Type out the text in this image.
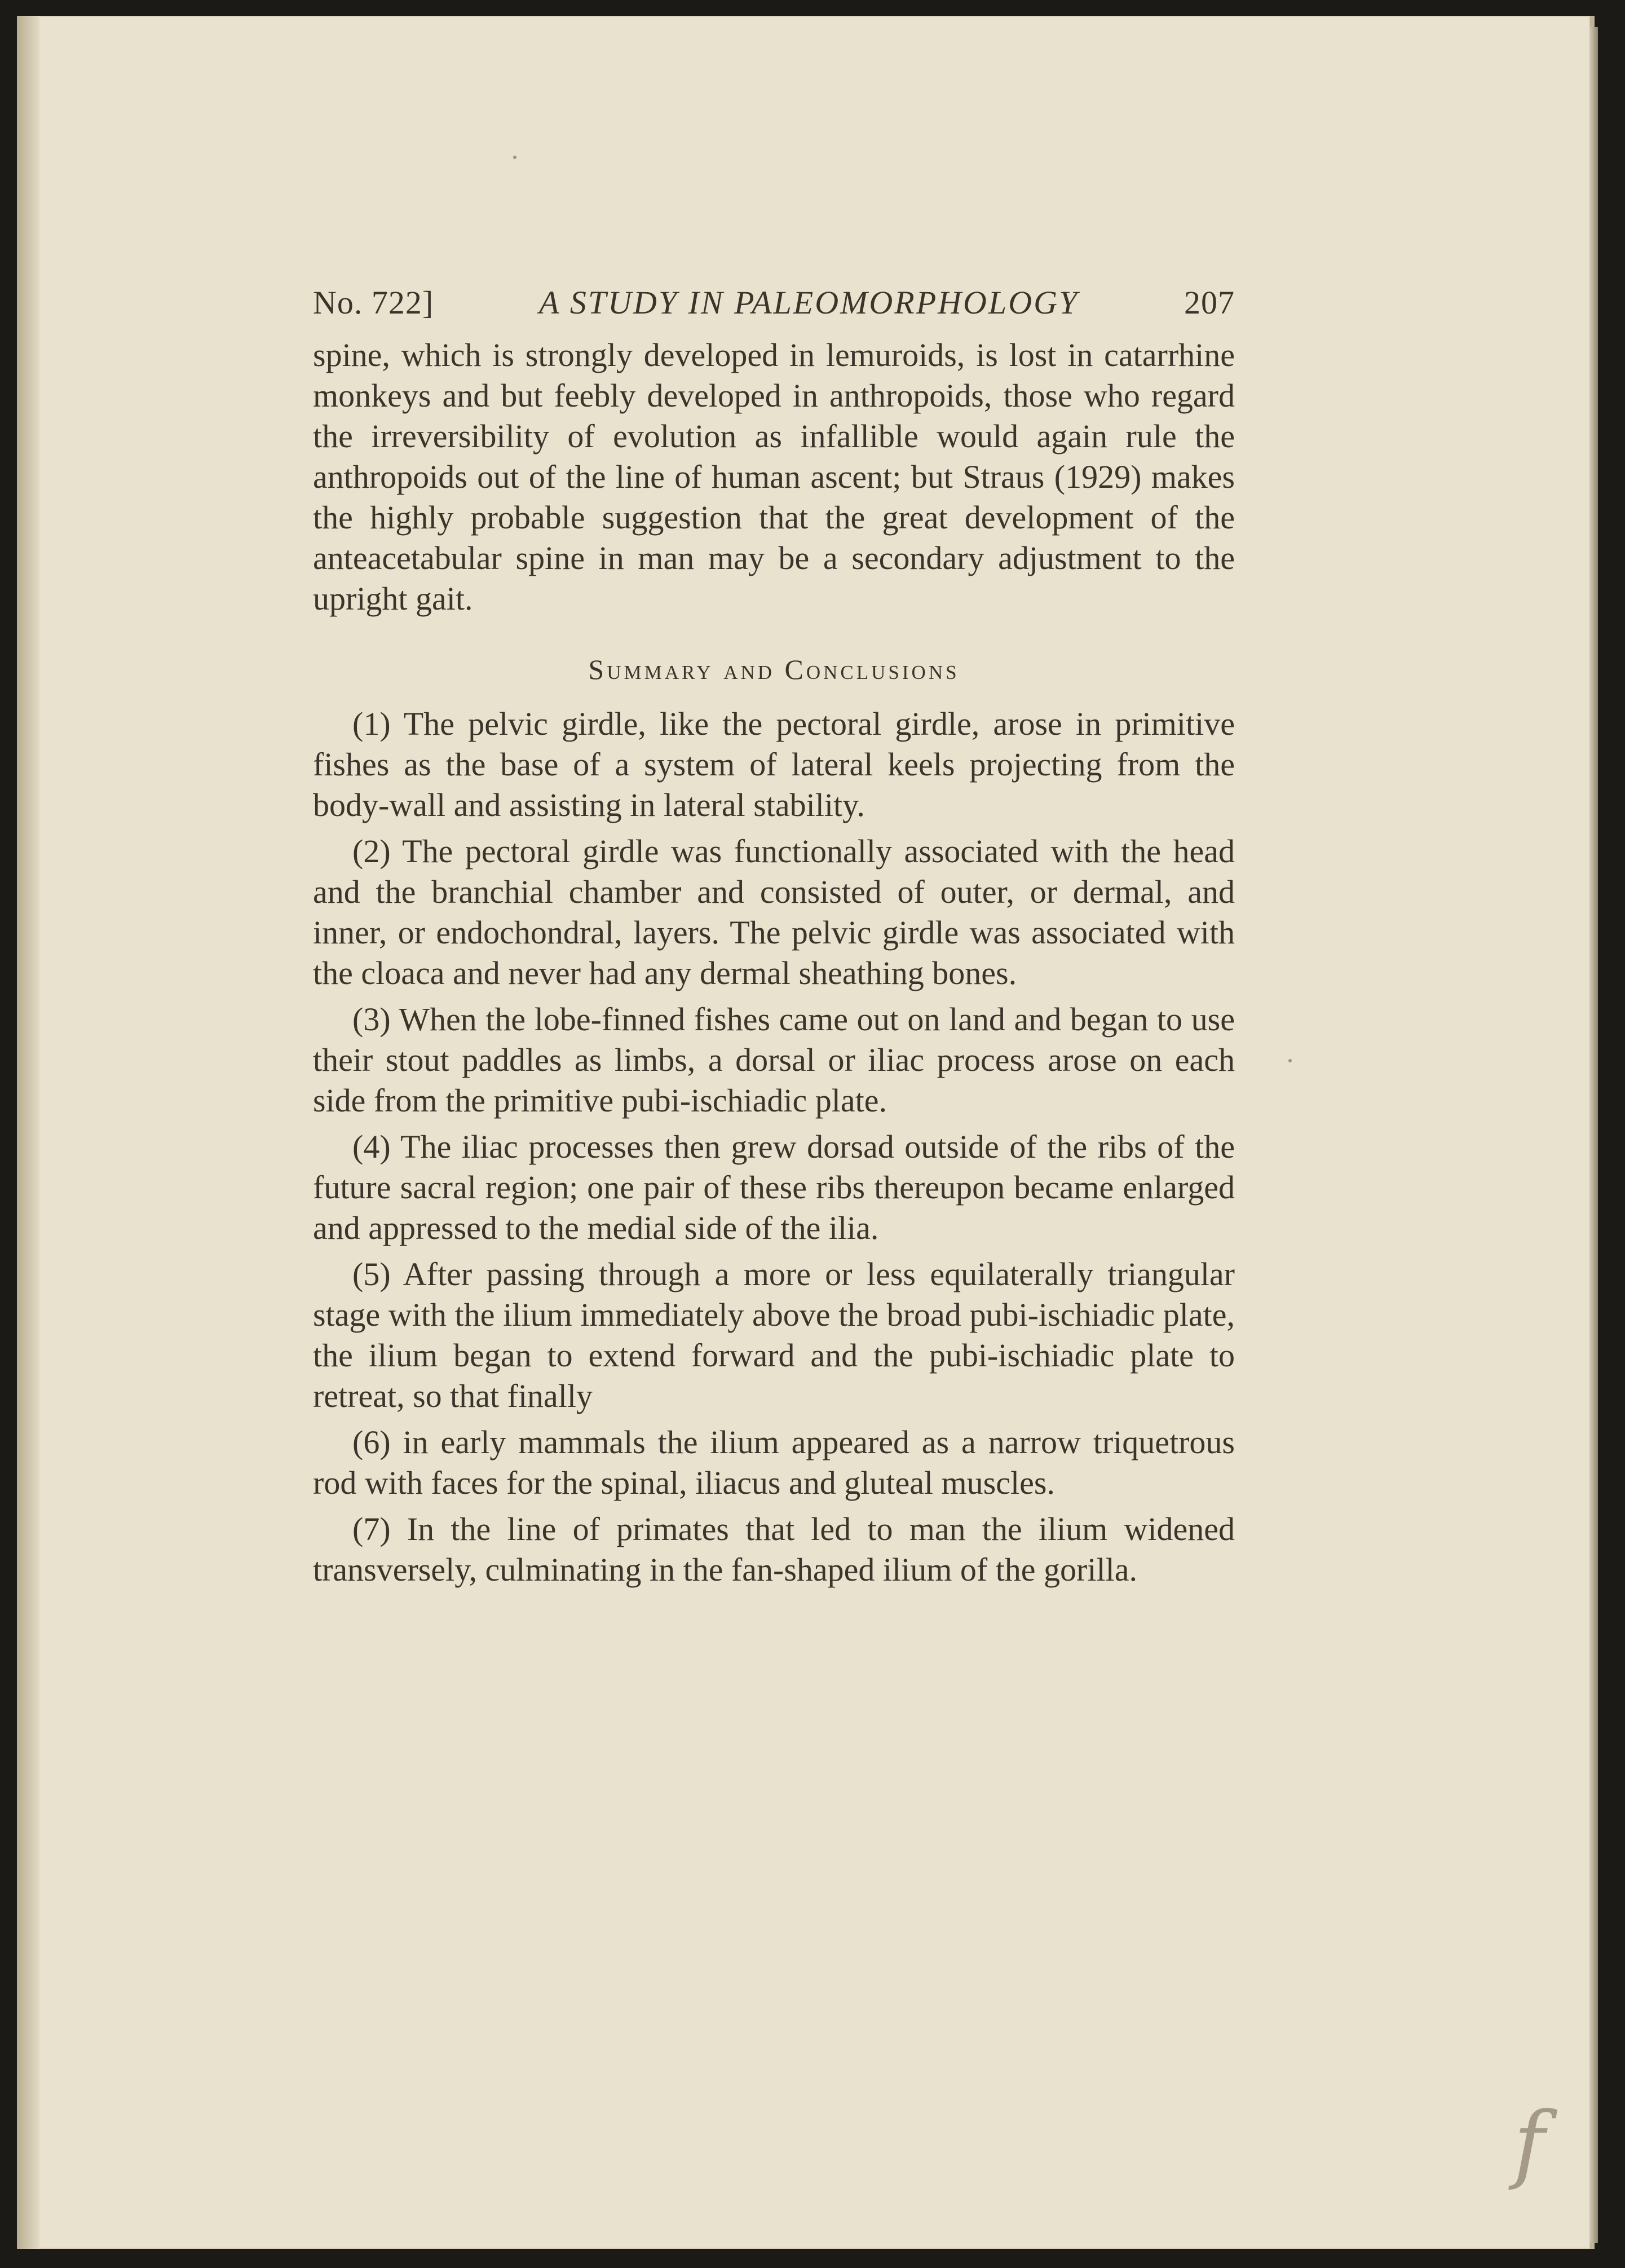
No. 722]	A STUDY IN PALEOMORPHOLOGY	207

spine, which is strongly developed in lemuroids, is lost in catarrhine monkeys and but feebly developed in anthropoids, those who regard the irreversibility of evolution as infallible would again rule the anthropoids out of the line of human ascent; but Straus (1929) makes the highly probable suggestion that the great development of the anteacetabular spine in man may be a secondary adjustment to the upright gait.

Summary and Conclusions

(1) The pelvic girdle, like the pectoral girdle, arose in primitive fishes as the base of a system of lateral keels projecting from the body-wall and assisting in lateral stability.

(2) The pectoral girdle was functionally associated with the head and the branchial chamber and consisted of outer, or dermal, and inner, or endochondral, layers. The pelvic girdle was associated with the cloaca and never had any dermal sheathing bones.

(3) When the lobe-finned fishes came out on land and began to use their stout paddles as limbs, a dorsal or iliac process arose on each side from the primitive pubi-ischiadic plate.

(4) The iliac processes then grew dorsad outside of the ribs of the future sacral region; one pair of these ribs thereupon became enlarged and appressed to the medial side of the ilia.

(5) After passing through a more or less equilaterally triangular stage with the ilium immediately above the broad pubi-ischiadic plate, the ilium began to extend forward and the pubi-ischiadic plate to retreat, so that finally

(6) in early mammals the ilium appeared as a narrow triquetrous rod with faces for the spinal, iliacus and gluteal muscles.

(7) In the line of primates that led to man the ilium widened transversely, culminating in the fan-shaped ilium of the gorilla.

f
